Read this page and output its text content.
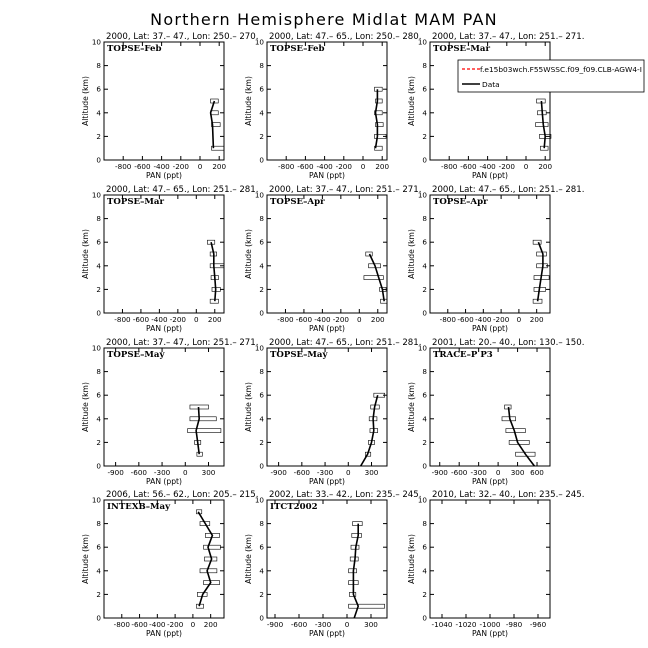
Northern Hemisphere Midlat MAM PAN
2000, Lat: 37.– 47., Lon: 250.– 270.
TOPSE–Feb
0
2
4
6
8
10
-800 -600 -400 -200 0 200
PAN (ppt)
Altitude (km)
2000, Lat: 47.– 65., Lon: 250.– 280.
TOPSE–Feb
0
2
4
6
8
10
-800 -600 -400 -200 0 200
PAN (ppt)
Altitude (km)
2000, Lat: 37.– 47., Lon: 251.– 271.
TOPSE–Mar
0
2
4
6
8
10
-800 -600 -400 -200 0 200
PAN (ppt)
Altitude (km)
2000, Lat: 47.– 65., Lon: 251.– 281.
TOPSE–Mar
0
2
4
6
8
10
-800 -600 -400 -200 0 200
PAN (ppt)
Altitude (km)
2000, Lat: 37.– 47., Lon: 251.– 271.
TOPSE–Apr
0
2
4
6
8
10
-800 -600 -400 -200 0 200
PAN (ppt)
Altitude (km)
2000, Lat: 47.– 65., Lon: 251.– 281.
TOPSE–Apr
0
2
4
6
8
10
-800 -600 -400 -200 0 200
PAN (ppt)
Altitude (km)
2000, Lat: 37.– 47., Lon: 251.– 271.
TOPSE–May
0
2
4
6
8
10
-900 -600 -300 0 300
PAN (ppt)
Altitude (km)
2000, Lat: 47.– 65., Lon: 251.– 281.
TOPSE–May
0
2
4
6
8
10
-900 -600 -300 0 300
PAN (ppt)
Altitude (km)
2001, Lat: 20.– 40., Lon: 130.– 150.
TRACE–P P3
0
2
4
6
8
10
-900 -600 -300 0 300 600
PAN (ppt)
Altitude (km)
2006, Lat: 56.– 62., Lon: 205.– 215.
INTEXB–May
0
2
4
6
8
10
-800 -600 -400 -200 0 200
PAN (ppt)
Altitude (km)
2002, Lat: 33.– 42., Lon: 235.– 245.
ITCT2002
0
2
4
6
8
10
-900 -600 -300 0 300
PAN (ppt)
Altitude (km)
2010, Lat: 32.– 40., Lon: 235.– 245.
0
2
4
6
8
10
-1040 -1020 -1000 -980 -960
PAN (ppt)
Altitude (km)
f.e15b03wch.F55WSSC.f09_f09.CLB-AGW4-I
Data
